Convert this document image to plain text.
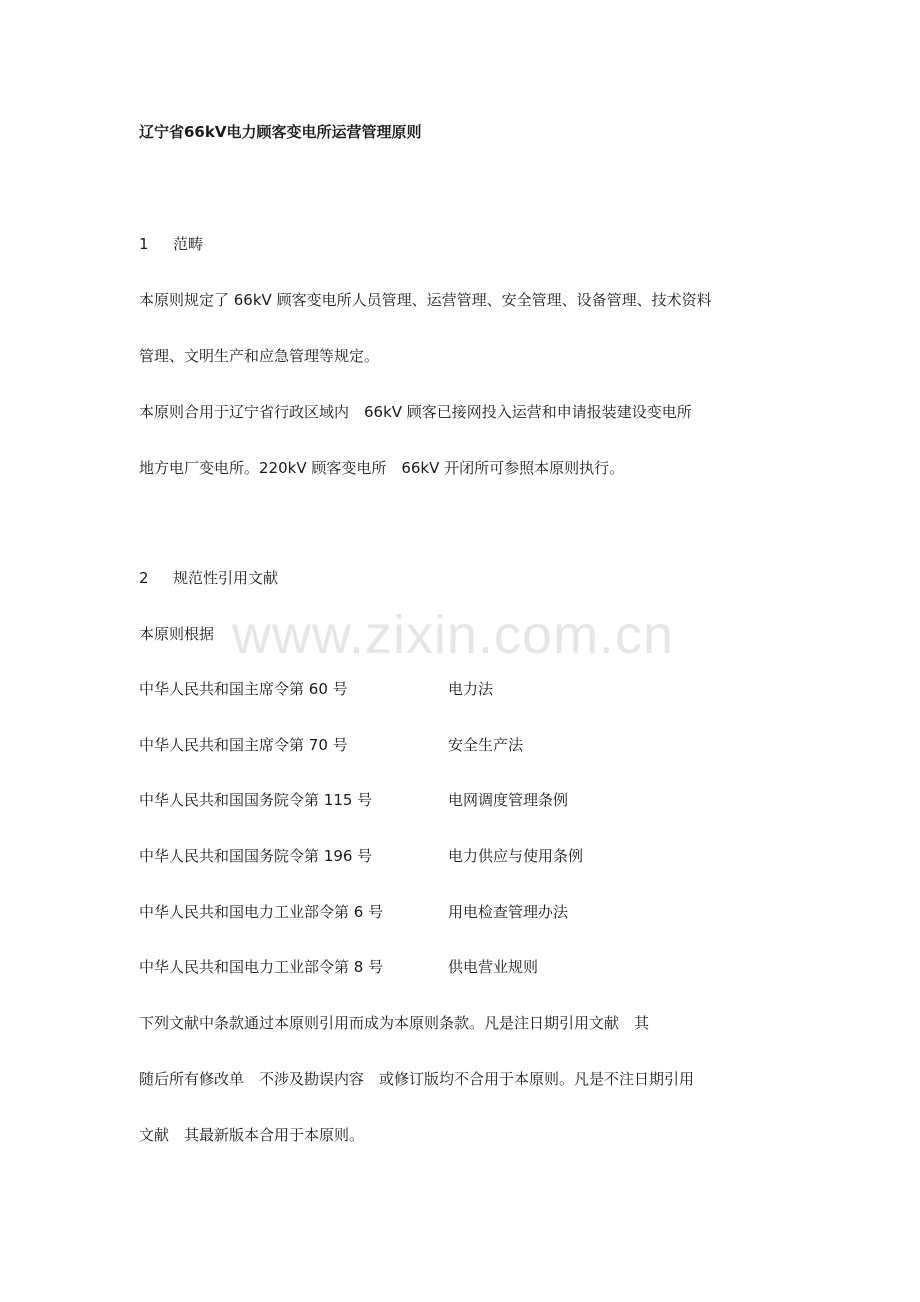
辽宁省66kV电力顾客变电所运营管理原则
1 范畴
本原则规定了 66kV 顾客变电所人员管理、运营管理、安全管理、设备管理、技术资料
管理、文明生产和应急管理等规定。
本原则合用于辽宁省行政区域内　66kV 顾客已接网投入运营和申请报装建设变电所
地方电厂变电所。220kV 顾客变电所　66kV 开闭所可参照本原则执行。
2 规范性引用文献
本原则根据
中华人民共和国主席令第 60 号	电力法
中华人民共和国主席令第 70 号	安全生产法
中华人民共和国国务院令第 115 号	电网调度管理条例
中华人民共和国国务院令第 196 号	电力供应与使用条例
中华人民共和国电力工业部令第 6 号	用电检查管理办法
中华人民共和国电力工业部令第 8 号	供电营业规则
下列文献中条款通过本原则引用而成为本原则条款。凡是注日期引用文献　其
随后所有修改单　不涉及勘误内容　或修订版均不合用于本原则。凡是不注日期引用
文献　其最新版本合用于本原则。
www.zixin.com.cn
